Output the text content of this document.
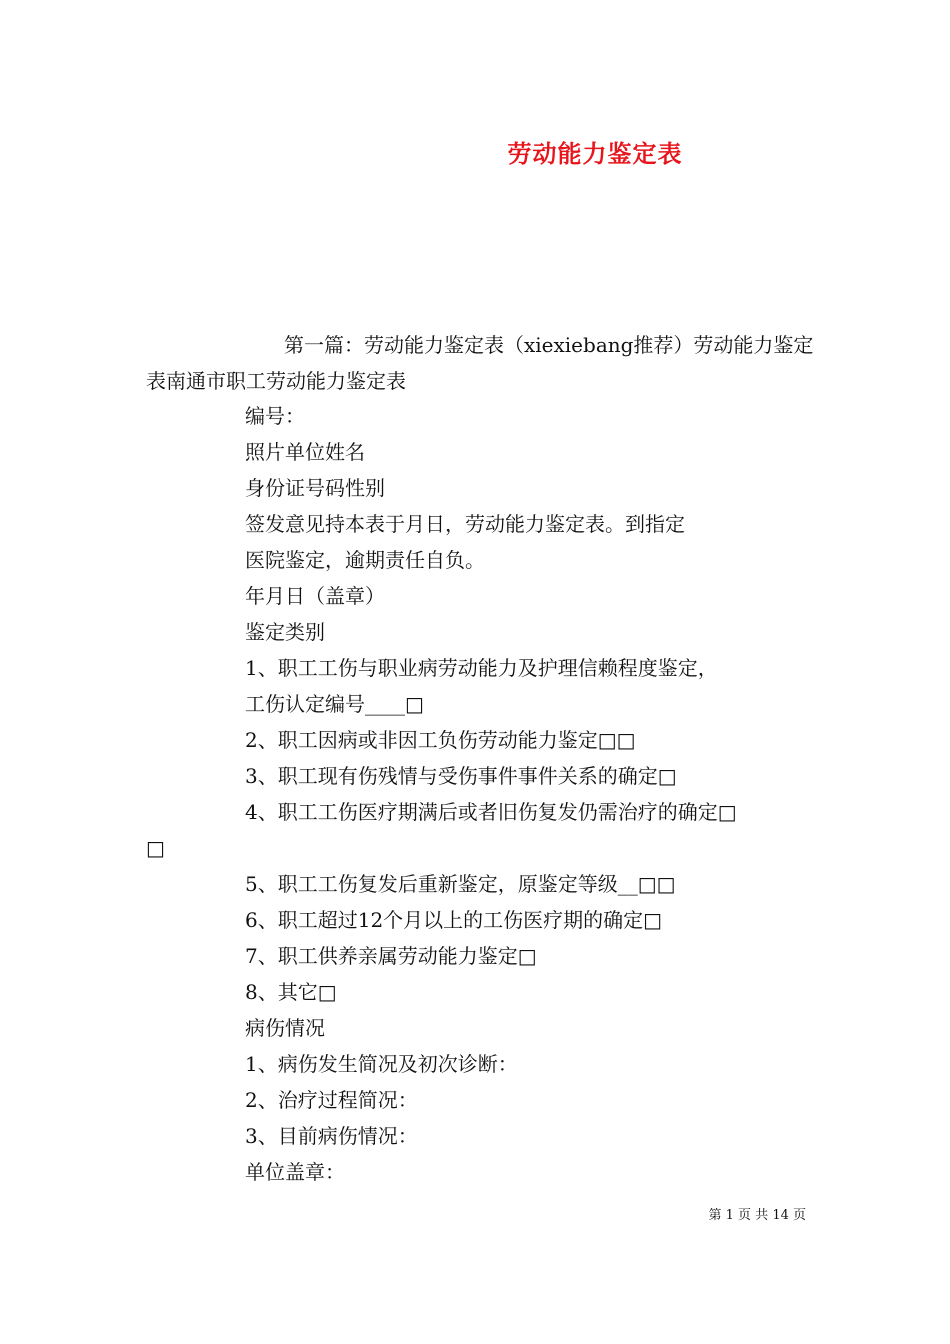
劳动能力鉴定表

第一篇：劳动能力鉴定表（xiexiebang推荐）劳动能力鉴定表南通市职工劳动能力鉴定表

编号：
照片单位姓名
身份证号码性别
签发意见持本表于月日，劳动能力鉴定表。到指定
医院鉴定，逾期责任自负。
年月日（盖章）
鉴定类别
1、职工工伤与职业病劳动能力及护理信赖程度鉴定，
工伤认定编号____□
2、职工因病或非因工负伤劳动能力鉴定□□
3、职工现有伤残情与受伤事件事件关系的确定□
4、职工工伤医疗期满后或者旧伤复发仍需治疗的确定□
□
5、职工工伤复发后重新鉴定，原鉴定等级__□□
6、职工超过12个月以上的工伤医疗期的确定□
7、职工供养亲属劳动能力鉴定□
8、其它□
病伤情况
1、病伤发生简况及初次诊断：
2、治疗过程简况：
3、目前病伤情况：
单位盖章：
第 1 页 共 14 页
